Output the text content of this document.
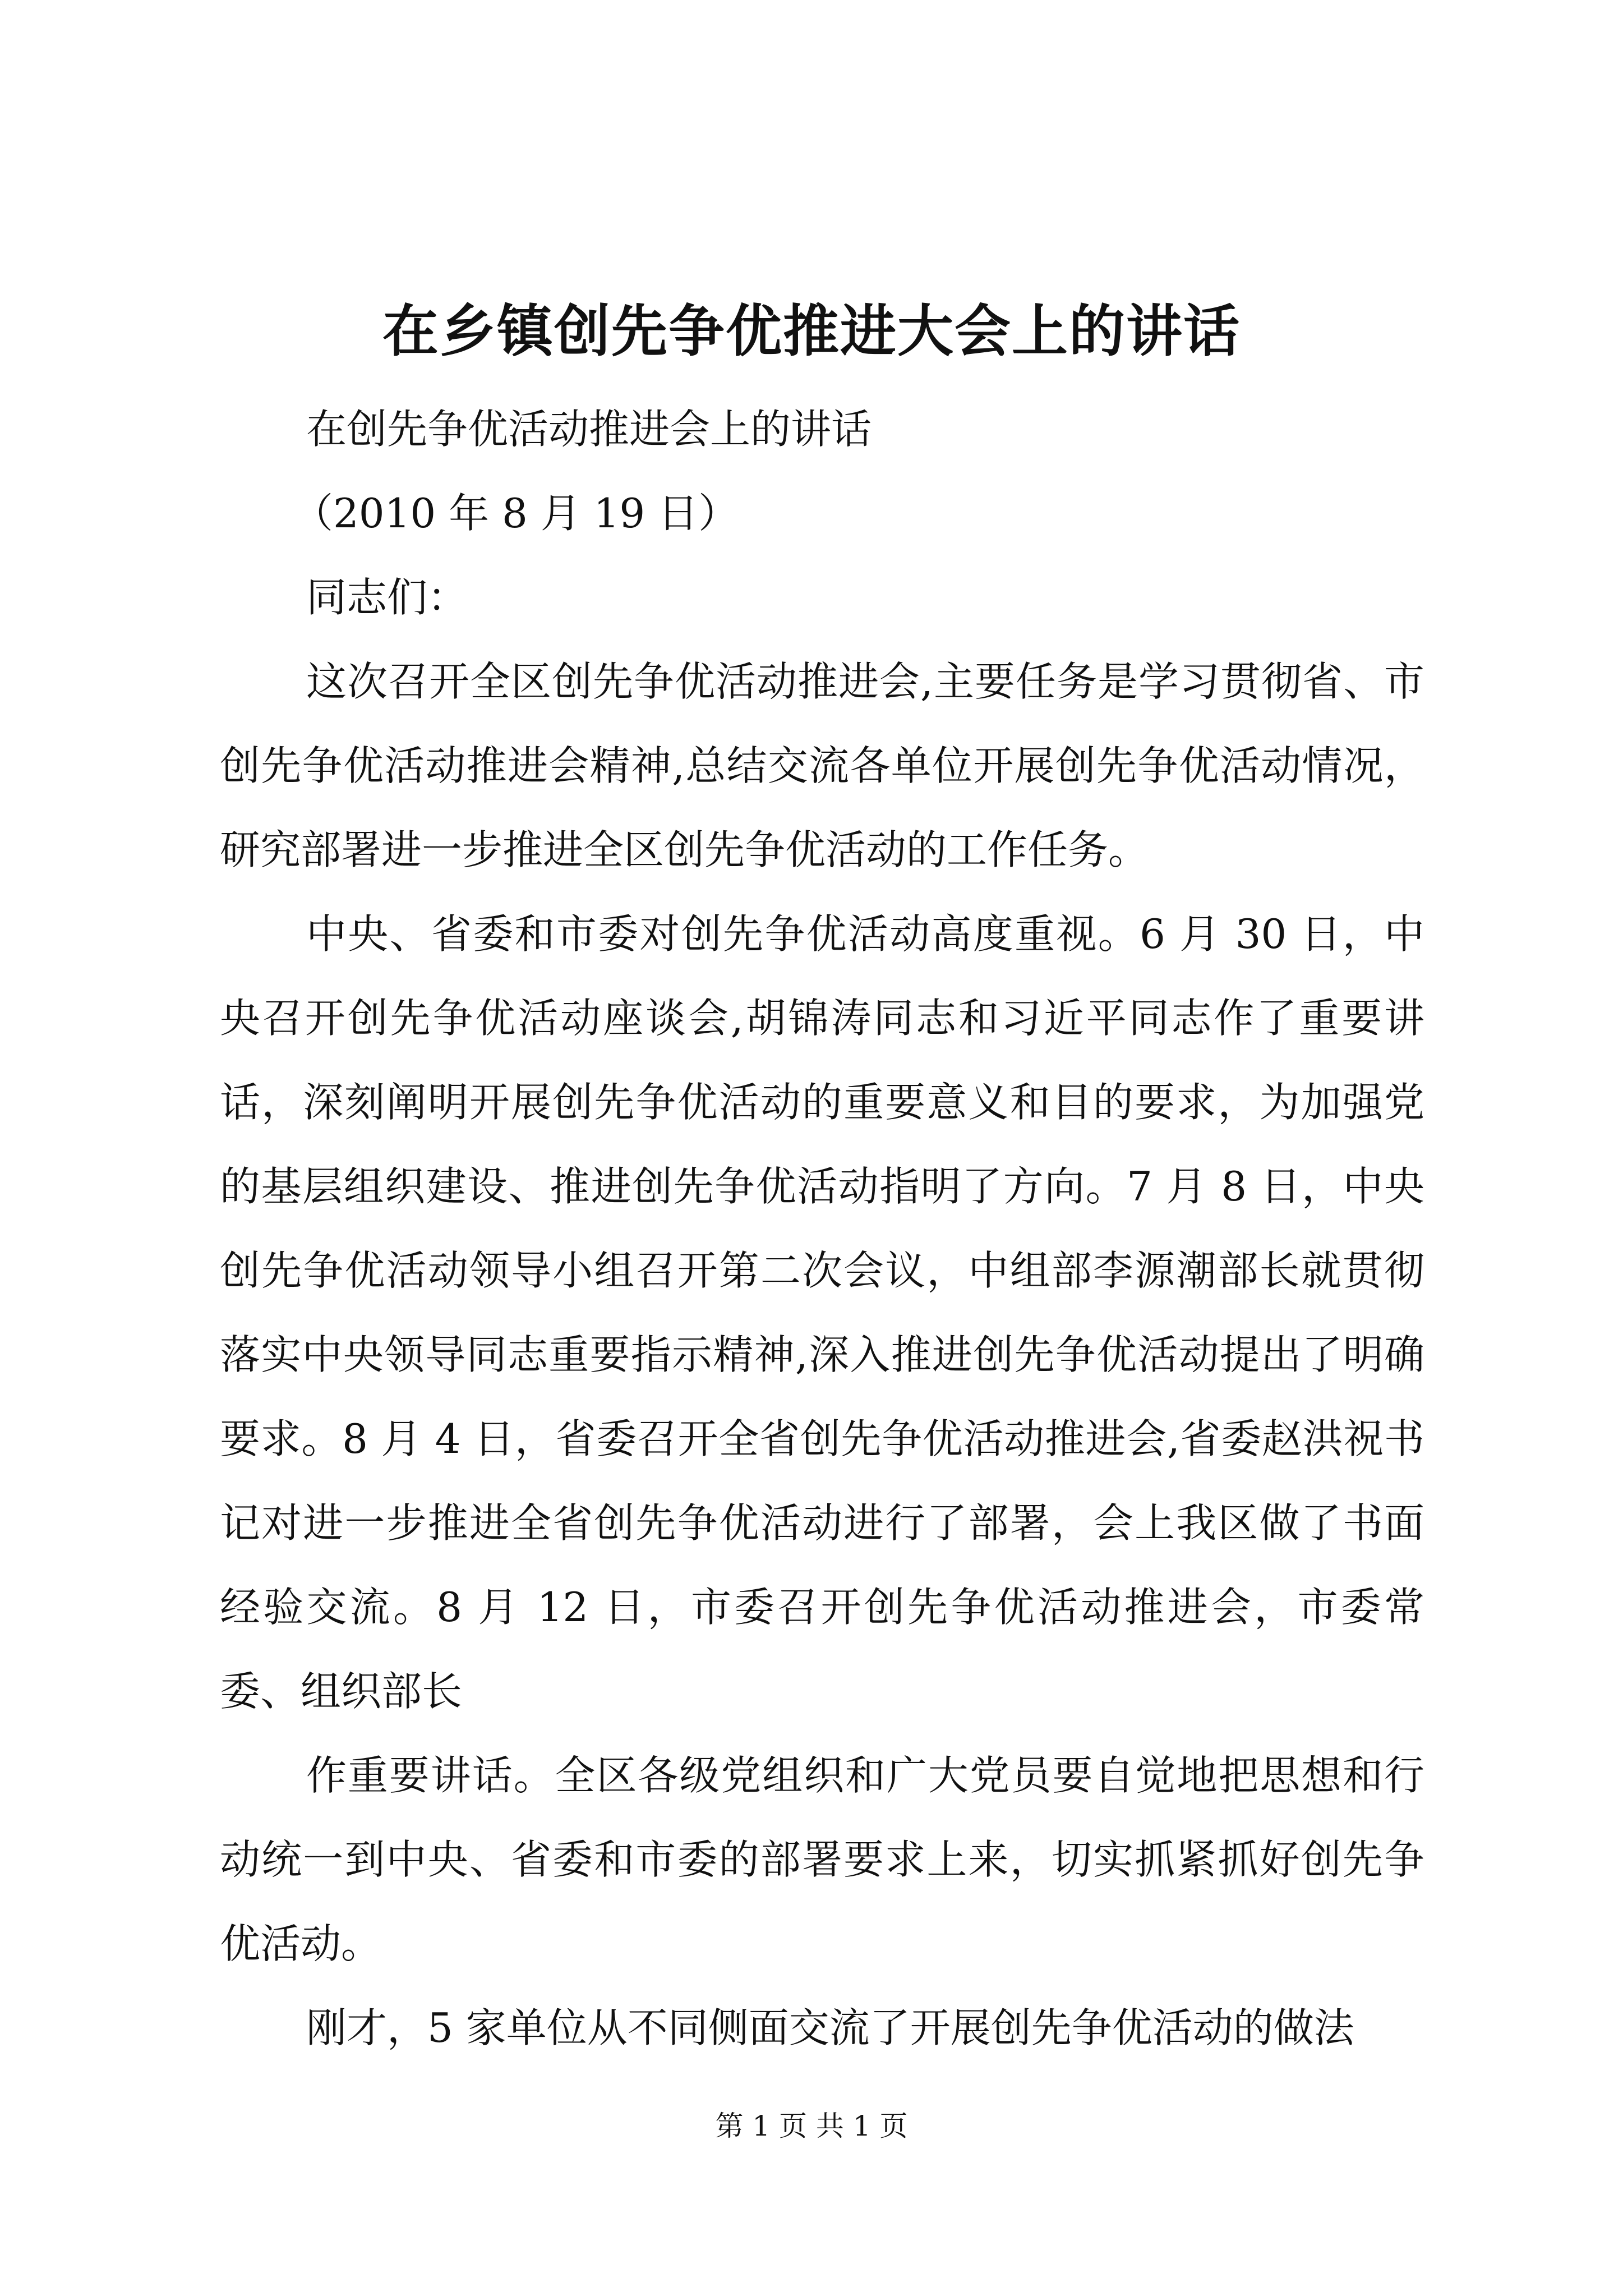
在乡镇创先争优推进大会上的讲话

在创先争优活动推进会上的讲话

（2010 年 8 月 19 日）

同志们：

这次召开全区创先争优活动推进会,主要任务是学习贯彻省、市创先争优活动推进会精神,总结交流各单位开展创先争优活动情况，研究部署进一步推进全区创先争优活动的工作任务。

中央、省委和市委对创先争优活动高度重视。6 月 30 日，中央召开创先争优活动座谈会,胡锦涛同志和习近平同志作了重要讲话，深刻阐明开展创先争优活动的重要意义和目的要求，为加强党的基层组织建设、推进创先争优活动指明了方向。7 月 8 日，中央创先争优活动领导小组召开第二次会议，中组部李源潮部长就贯彻落实中央领导同志重要指示精神,深入推进创先争优活动提出了明确要求。8 月 4 日，省委召开全省创先争优活动推进会,省委赵洪祝书记对进一步推进全省创先争优活动进行了部署，会上我区做了书面经验交流。8 月 12 日，市委召开创先争优活动推进会，市委常委、组织部长

作重要讲话。全区各级党组织和广大党员要自觉地把思想和行动统一到中央、省委和市委的部署要求上来，切实抓紧抓好创先争优活动。

刚才，5 家单位从不同侧面交流了开展创先争优活动的做法

第 1 页 共 1 页
